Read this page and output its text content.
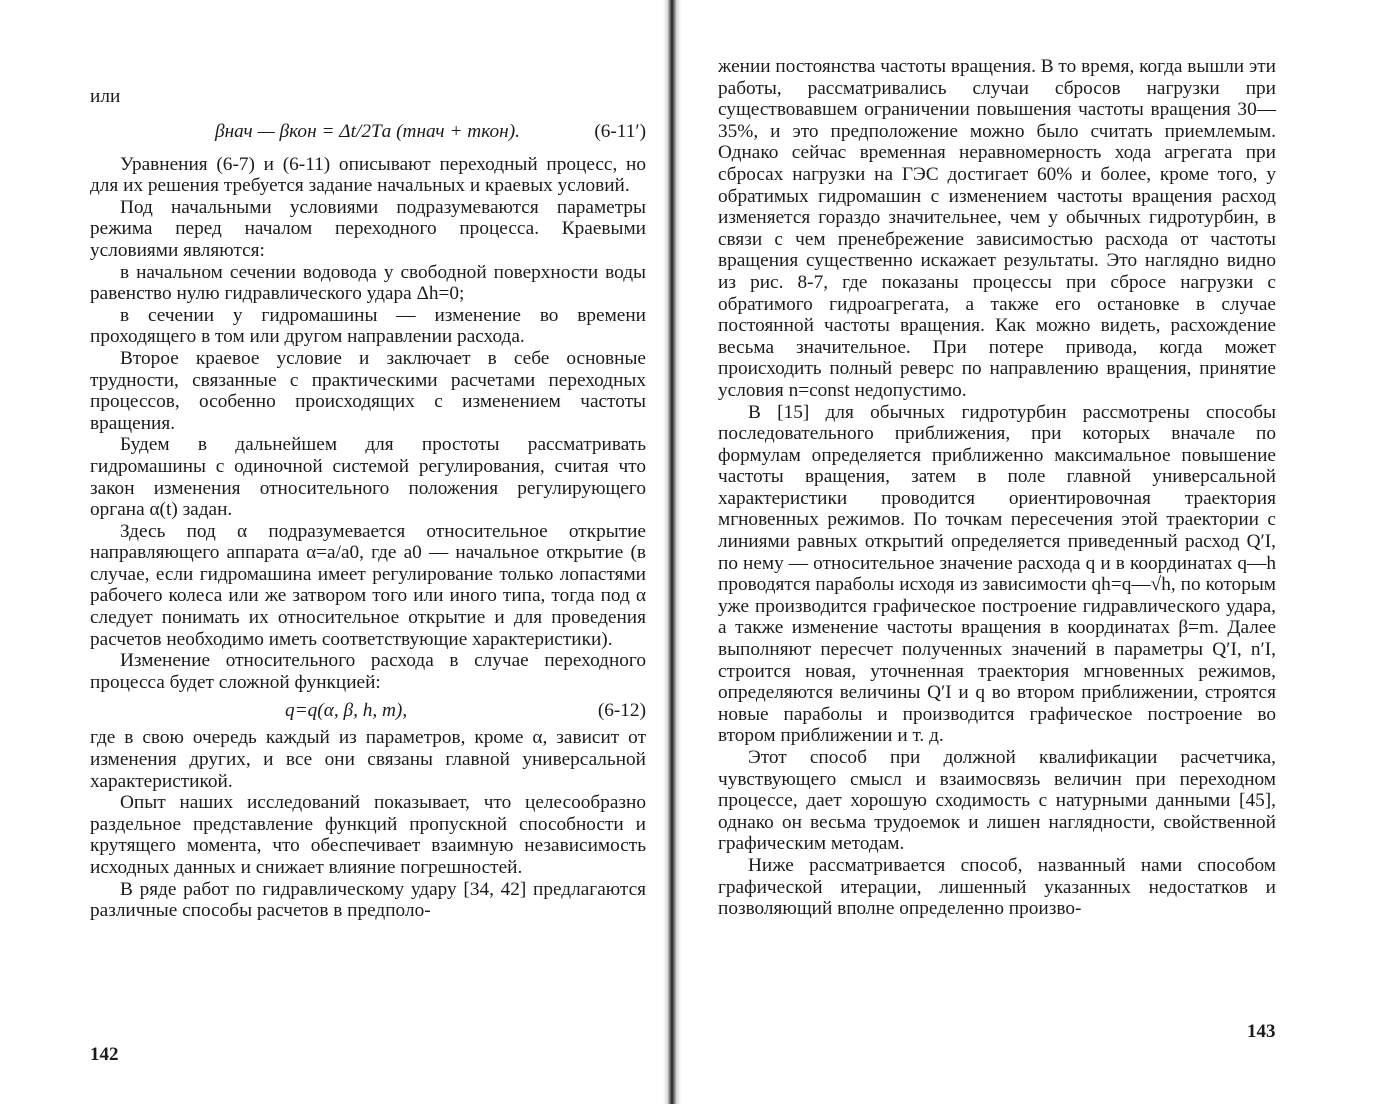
или

βнач — βкон = Δt/2Tа (mнач + mкон).	(6-11′)

Уравнения (6-7) и (6-11) описывают переходный процесс, но для их решения требуется задание начальных и краевых условий.

Под начальными условиями подразумеваются параметры режима перед началом переходного процесса. Краевыми условиями являются:

в начальном сечении водовода у свободной поверхности воды равенство нулю гидравлического удара Δh=0;

в сечении у гидромашины — изменение во времени проходящего в том или другом направлении расхода.

Второе краевое условие и заключает в себе основные трудности, связанные с практическими расчетами переходных процессов, особенно происходящих с изменением частоты вращения.

Будем в дальнейшем для простоты рассматривать гидромашины с одиночной системой регулирования, считая что закон изменения относительного положения регулирующего органа α(t) задан.

Здесь под α подразумевается относительное открытие направляющего аппарата α=a/a0, где a0 — начальное открытие (в случае, если гидромашина имеет регулирование только лопастями рабочего колеса или же затвором того или иного типа, тогда под α следует понимать их относительное открытие и для проведения расчетов необходимо иметь соответствующие характеристики).

Изменение относительного расхода в случае переходного процесса будет сложной функцией:

q=q(α, β, h, m),	(6-12)

где в свою очередь каждый из параметров, кроме α, зависит от изменения других, и все они связаны главной универсальной характеристикой.

Опыт наших исследований показывает, что целесообразно раздельное представление функций пропускной способности и крутящего момента, что обеспечивает взаимную независимость исходных данных и снижает влияние погрешностей.

В ряде работ по гидравлическому удару [34, 42] предлагаются различные способы расчетов в предполо-

142

жении постоянства частоты вращения. В то время, когда вышли эти работы, рассматривались случаи сбросов нагрузки при существовавшем ограничении повышения частоты вращения 30—35%, и это предположение можно было считать приемлемым. Однако сейчас временная неравномерность хода агрегата при сбросах нагрузки на ГЭС достигает 60% и более, кроме того, у обратимых гидромашин с изменением частоты вращения расход изменяется гораздо значительнее, чем у обычных гидротурбин, в связи с чем пренебрежение зависимостью расхода от частоты вращения существенно искажает результаты. Это наглядно видно из рис. 8-7, где показаны процессы при сбросе нагрузки с обратимого гидроагрегата, а также его остановке в случае постоянной частоты вращения. Как можно видеть, расхождение весьма значительное. При потере привода, когда может происходить полный реверс по направлению вращения, принятие условия n=const недопустимо.

В [15] для обычных гидротурбин рассмотрены способы последовательного приближения, при которых вначале по формулам определяется приближенно максимальное повышение частоты вращения, затем в поле главной универсальной характеристики проводится ориентировочная траектория мгновенных режимов. По точкам пересечения этой траектории с линиями равных открытий определяется приведенный расход Q′I, по нему — относительное значение расхода q и в координатах q—h проводятся параболы исходя из зависимости qh=q—√h, по которым уже производится графическое построение гидравлического удара, а также изменение частоты вращения в координатах β=m. Далее выполняют пересчет полученных значений в параметры Q′I, n′I, строится новая, уточненная траектория мгновенных режимов, определяются величины Q′I и q во втором приближении, строятся новые параболы и производится графическое построение во втором приближении и т. д.

Этот способ при должной квалификации расчетчика, чувствующего смысл и взаимосвязь величин при переходном процессе, дает хорошую сходимость с натурными данными [45], однако он весьма трудоемок и лишен наглядности, свойственной графическим методам.

Ниже рассматривается способ, названный нами способом графической итерации, лишенный указанных недостатков и позволяющий вполне определенно произво-

143
